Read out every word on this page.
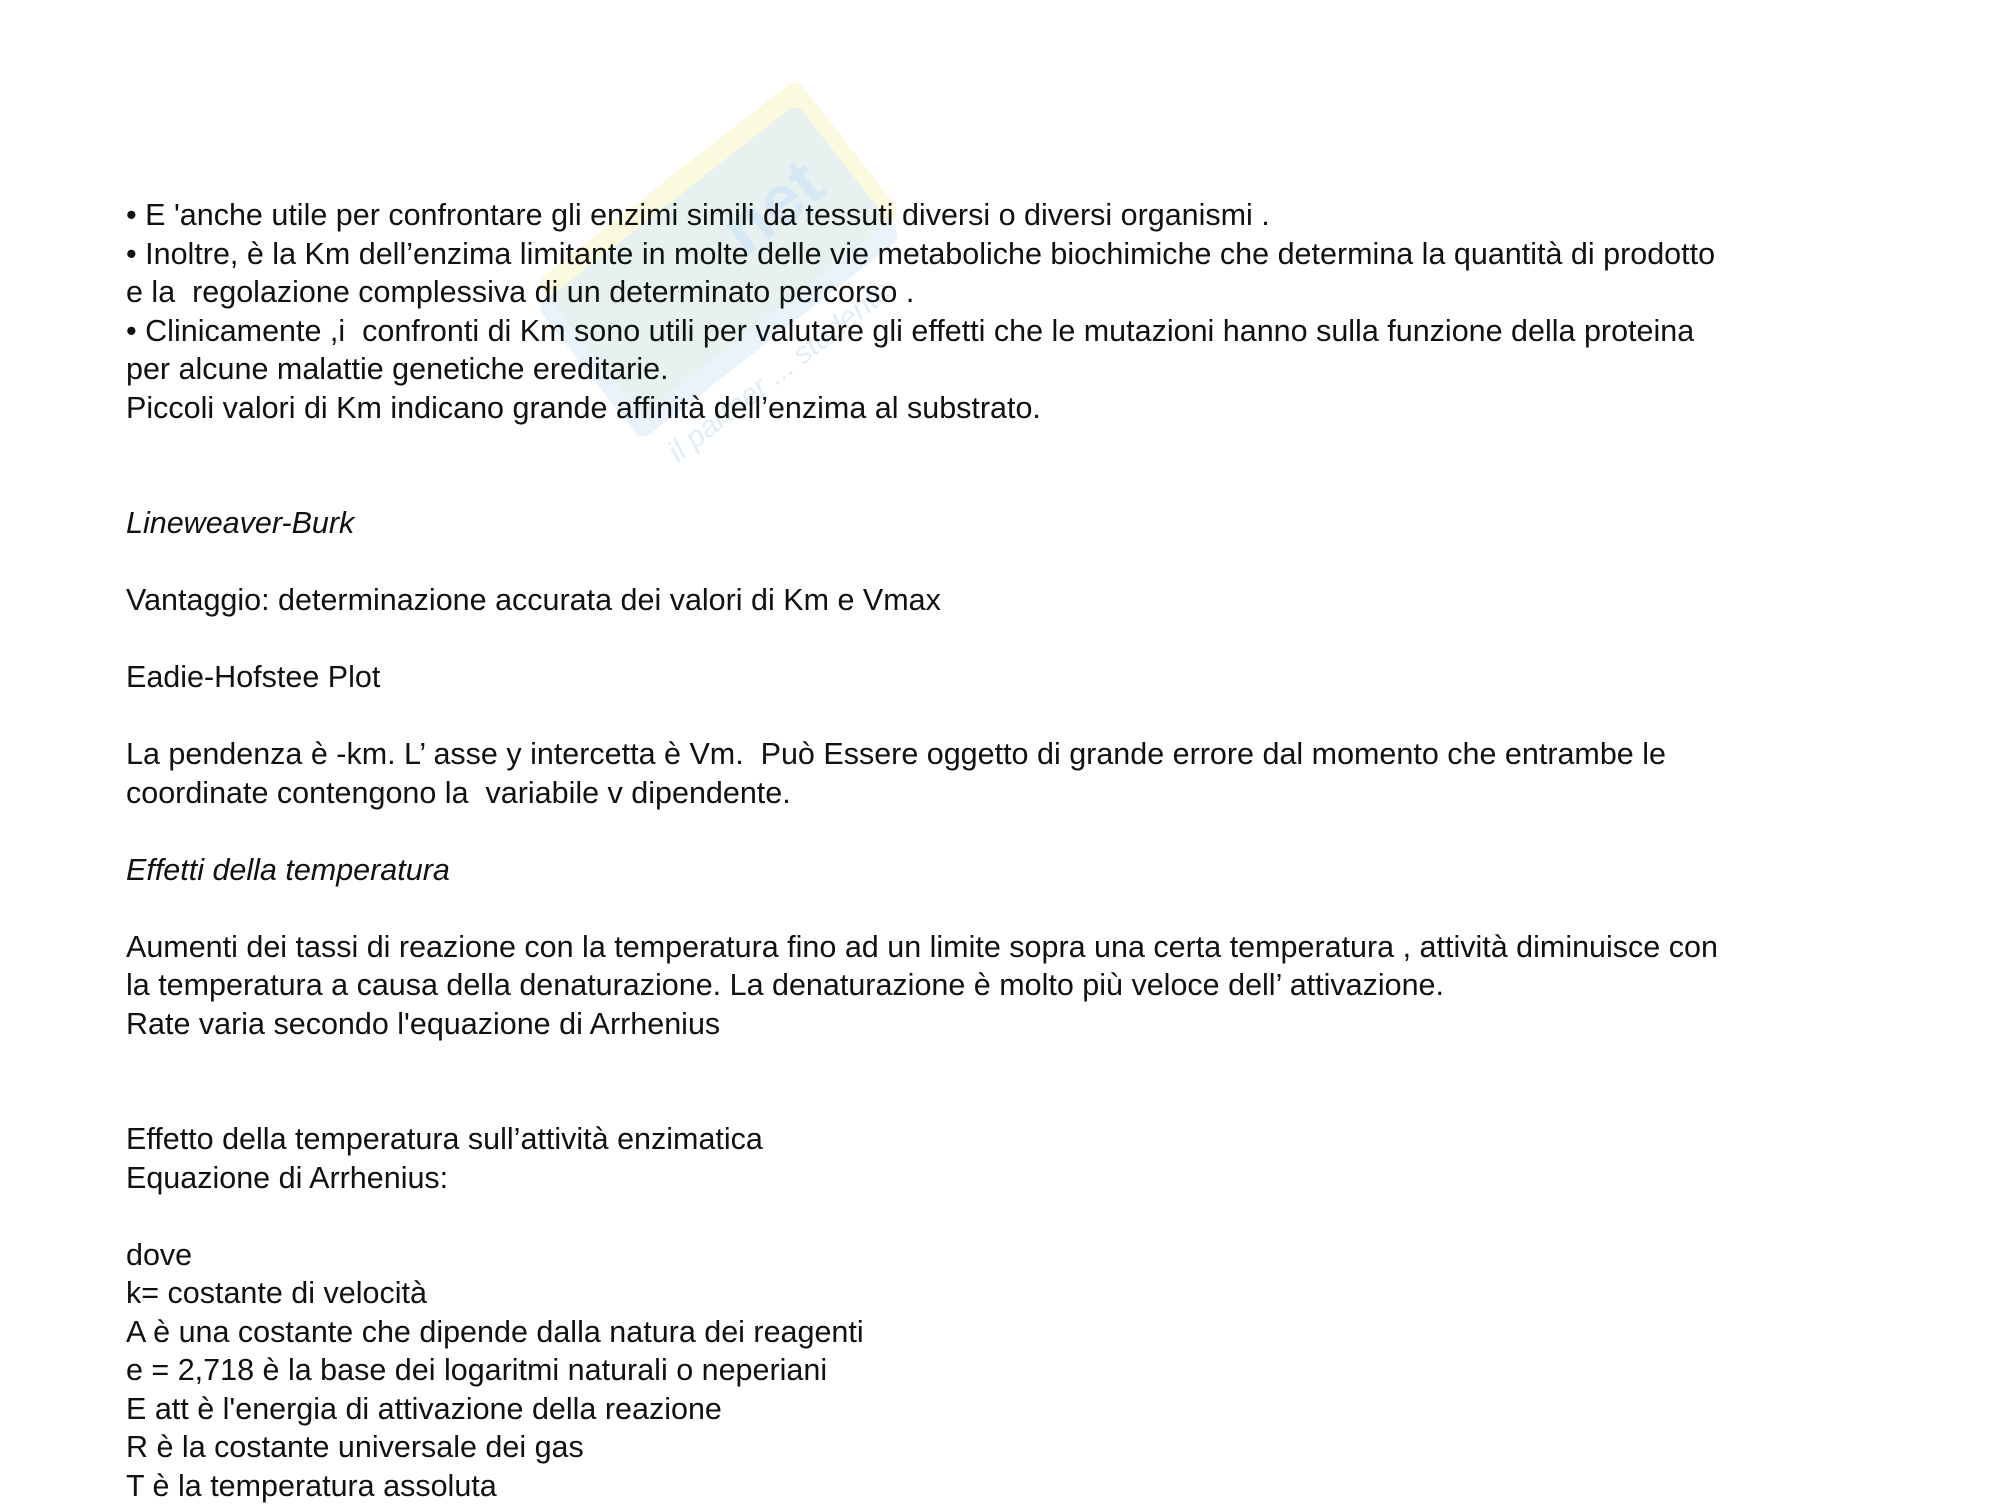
net
il partner ... studente
• E 'anche utile per confrontare gli enzimi simili da tessuti diversi o diversi organismi .
• Inoltre, è la Km dell’enzima limitante in molte delle vie metaboliche biochimiche che determina la quantità di prodotto
e la  regolazione complessiva di un determinato percorso .
• Clinicamente ,i  confronti di Km sono utili per valutare gli effetti che le mutazioni hanno sulla funzione della proteina
per alcune malattie genetiche ereditarie.
Piccoli valori di Km indicano grande affinità dell’enzima al substrato.
Lineweaver-Burk
Vantaggio: determinazione accurata dei valori di Km e Vmax
Eadie-Hofstee Plot
La pendenza è -km. L’ asse y intercetta è Vm.  Può Essere oggetto di grande errore dal momento che entrambe le
coordinate contengono la  variabile v dipendente.
Effetti della temperatura
Aumenti dei tassi di reazione con la temperatura fino ad un limite sopra una certa temperatura , attività diminuisce con
la temperatura a causa della denaturazione. La denaturazione è molto più veloce dell’ attivazione.
Rate varia secondo l'equazione di Arrhenius
Effetto della temperatura sull’attività enzimatica
Equazione di Arrhenius:
dove
k= costante di velocità
A è una costante che dipende dalla natura dei reagenti
e = 2,718 è la base dei logaritmi naturali o neperiani
E att è l'energia di attivazione della reazione
R è la costante universale dei gas
T è la temperatura assoluta
